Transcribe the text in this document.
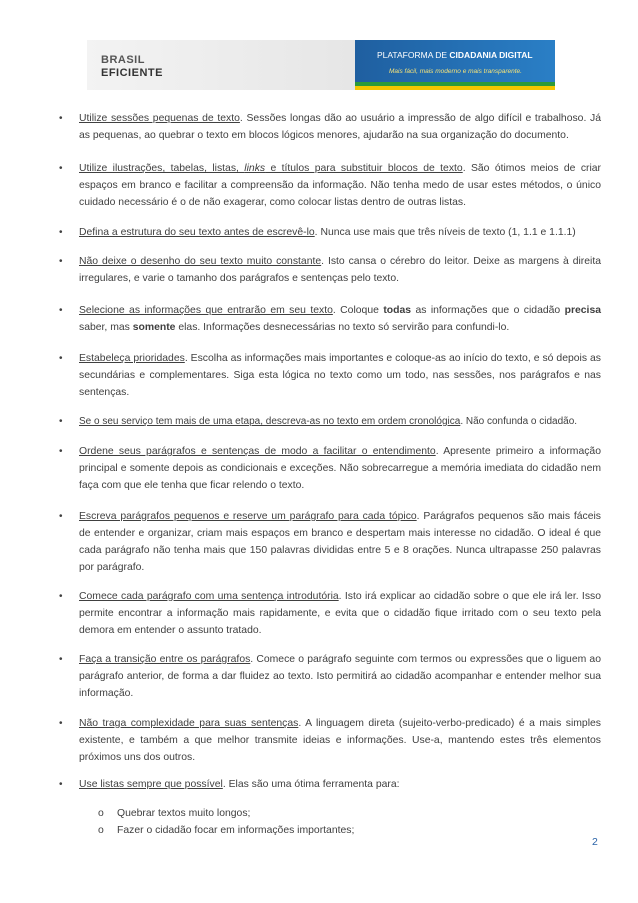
BRASIL
EFICIENTE
PLATAFORMA DE CIDADANIA DIGITAL
Mais fácil, mais moderno e mais transparente.
•	Utilize sessões pequenas de texto. Sessões longas dão ao usuário a impressão de algo difícil e trabalhoso. Já as pequenas, ao quebrar o texto em blocos lógicos menores, ajudarão na sua organização do documento.
•	Utilize ilustrações, tabelas, listas, links e títulos para substituir blocos de texto. São ótimos meios de criar espaços em branco e facilitar a compreensão da informação. Não tenha medo de usar estes métodos, o único cuidado necessário é o de não exagerar, como colocar listas dentro de outras listas.
•	Defina a estrutura do seu texto antes de escrevê-lo. Nunca use mais que três níveis de texto (1, 1.1 e 1.1.1)
•	Não deixe o desenho do seu texto muito constante. Isto cansa o cérebro do leitor. Deixe as margens à direita irregulares, e varie o tamanho dos parágrafos e sentenças pelo texto.
•	Selecione as informações que entrarão em seu texto. Coloque todas as informações que o cidadão precisa saber, mas somente elas. Informações desnecessárias no texto só servirão para confundi-lo.
•	Estabeleça prioridades. Escolha as informações mais importantes e coloque-as ao início do texto, e só depois as secundárias e complementares. Siga esta lógica no texto como um todo, nas sessões, nos parágrafos e nas sentenças.
•	Se o seu serviço tem mais de uma etapa, descreva-as no texto em ordem cronológica. Não confunda o cidadão.
•	Ordene seus parágrafos e sentenças de modo a facilitar o entendimento. Apresente primeiro a informação principal e somente depois as condicionais e exceções. Não sobrecarregue a memória imediata do cidadão nem faça com que ele tenha que ficar relendo o texto.
•	Escreva parágrafos pequenos e reserve um parágrafo para cada tópico. Parágrafos pequenos são mais fáceis de entender e organizar, criam mais espaços em branco e despertam mais interesse no cidadão. O ideal é que cada parágrafo não tenha mais que 150 palavras divididas entre 5 e 8 orações. Nunca ultrapasse 250 palavras por parágrafo.
•	Comece cada parágrafo com uma sentença introdutória. Isto irá explicar ao cidadão sobre o que ele irá ler. Isso permite encontrar a informação mais rapidamente, e evita que o cidadão fique irritado com o seu texto pela demora em entender o assunto tratado.
•	Faça a transição entre os parágrafos. Comece o parágrafo seguinte com termos ou expressões que o liguem ao parágrafo anterior, de forma a dar fluidez ao texto. Isto permitirá ao cidadão acompanhar e entender melhor sua informação.
•	Não traga complexidade para suas sentenças. A linguagem direta (sujeito-verbo-predicado) é a mais simples existente, e também a que melhor transmite ideias e informações. Use-a, mantendo estes três elementos próximos uns dos outros.
•	Use listas sempre que possível. Elas são uma ótima ferramenta para:
o Quebrar textos muito longos;
o Fazer o cidadão focar em informações importantes;
2
